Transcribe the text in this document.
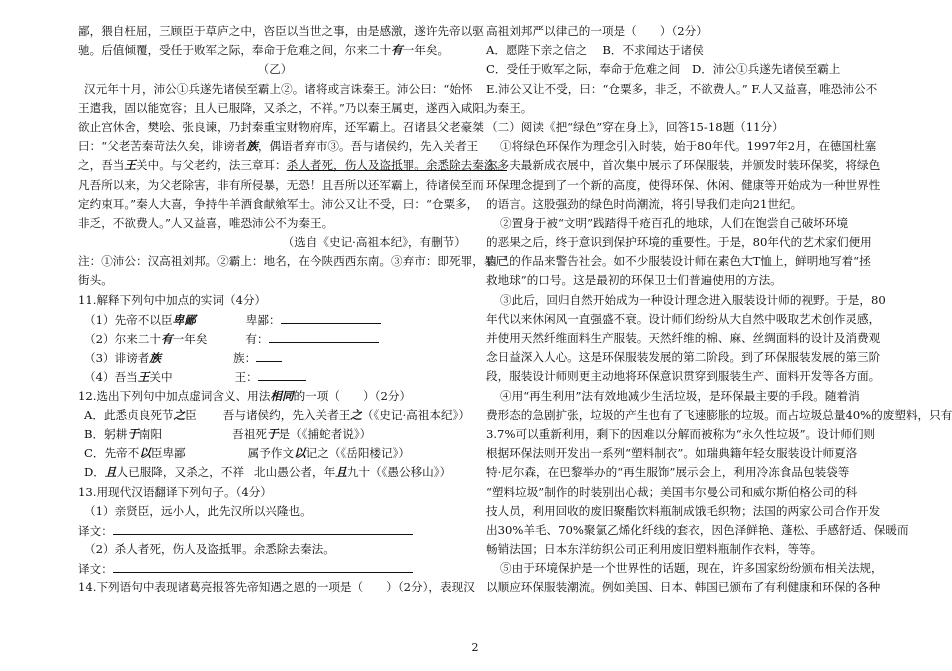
鄙，猥自枉屈，三顾臣于草庐之中，咨臣以当世之事，由是感激，遂许先帝以驱
驰。后值倾覆，受任于败军之际，奉命于危难之间，尔来二十有一年矣。
（乙）
汉元年十月，沛公①兵遂先诸侯至霸上②。诸将或言诛秦王。沛公曰：“始怀
王遣我，固以能宽容；且人已服降，又杀之，不祥。”乃以秦王属吏，遂西入咸阳。
欲止宫休舍，樊哙、张良谏，乃封秦重宝财物府库，还军霸上。召诸县父老豪桀
曰：“父老苦秦苛法久矣，诽谤者族，偶语者弃市③。吾与诸侯约，先入关者王
之，吾当王关中。与父老约，法三章耳：杀人者死，伤人及盗抵罪。余悉除去秦法。
凡吾所以来，为父老除害，非有所侵暴，无恐！且吾所以还军霸上，待诸侯至而
定约束耳。”秦人大喜，争持牛羊酒食献飨军士。沛公又让不受，曰：“仓粟多，
非乏，不欲费人。”人又益喜，唯恐沛公不为秦王。
（选自《史记·高祖本纪》，有删节）
注：①沛公：汉高祖刘邦。②霸上：地名，在今陕西西东南。③弃市：即死罪，暴尸
街头。
11.解释下列句中加点的实词（4分）
（1）先帝不以臣卑鄙	卑鄙：
（2）尔来二十有一年矣	有：
（3）诽谤者族	族：
（4）吾当王关中	王：
12.选出下列句中加点虚词含义、用法相同的一项（　　）（2分）
A．此悉贞良死节之臣 吾与诸侯约，先入关者王之（《史记·高祖本纪》）
B．躬耕于南阳	吾祖死于是（《捕蛇者说》）
C．先帝不以臣卑鄙	属予作文以记之（《岳阳楼记》）
D．且人已服降，又杀之，不祥 北山愚公者，年且九十（《愚公移山》）
13.用现代汉语翻译下列句子。（4分）
（1）亲贤臣，远小人，此先汉所以兴隆也。
译文：
（2）杀人者死，伤人及盗抵罪。余悉除去秦法。
译文：
14.下列语句中表现诸葛亮报答先帝知遇之恩的一项是（　　）（2分），表现汉
高祖刘邦严以律己的一项是（　　）（2分）
A．愿陛下亲之信之　 B．不求闻达于诸侯
C．受任于败军之际，奉命于危难之间　D．沛公①兵遂先诸侯至霸上
E.沛公又让不受，曰：“仓粟多，非乏，不欲费人。” F.人又益喜，唯恐沛公不
为秦王。
（二）阅读《把“绿色”穿在身上》，回答15-18题（11分）
①将绿色环保作为理念引入时装，始于80年代。1997年2月，在德国杜塞
尔多夫最新成衣展中，首次集中展示了环保服装，并颁发时装环保奖，将绿色
环保理念提到了一个新的高度，使得环保、休闲、健康等开始成为一种世界性
的语言。这股强劲的绿色时尚潮流，将引导我们走向21世纪。
②置身于被“文明”践踏得千疮百孔的地球，人们在饱尝自己破坏环境
的恶果之后，终于意识到保护环境的重要性。于是，80年代的艺术家们便用
自己的作品来警告社会。如不少服装设计师在素色大T恤上，鲜明地写着“拯
救地球”的口号。这是最初的环保卫士们普遍使用的方法。
③此后，回归自然开始成为一种设计理念进入服装设计师的视野。于是，80
年代以来休闲风一直强盛不衰。设计师们纷纷从大自然中吸取艺术创作灵感，
并使用天然纤维面料生产服装。天然纤维的棉、麻、丝绸面料的设计及消费观
念日益深入人心。这是环保服装发展的第二阶段。到了环保服装发展的第三阶
段，服装设计师则更主动地将环保意识贯穿到服装生产、面料开发等各方面。
④用“再生利用”法有效地减少生活垃圾，是环保最主要的手段。随着消
费形态的急剧扩张，垃圾的产生也有了飞速膨胀的垃圾。而占垃圾总量40%的废塑料，只有
3.7%可以重新利用，剩下的因难以分解而被称为“永久性垃圾”。设计师们则
根据环保法则开发出一系列“塑料制衣”。如瑞典籍年轻女服装设计师夏洛
特·尼尔森，在巴黎举办的“再生服饰”展示会上，利用冷冻食品包装袋等
“塑料垃圾”制作的时装别出心裁；美国韦尔曼公司和威尔斯伯格公司的科
技人员，利用回收的废旧聚酯饮料瓶制成饿毛织物；法国的两家公司合作开发
出30%羊毛、70%聚氯乙烯化纤线的套衣，因色泽鲜艳、蓬松、手感舒适、保暖而
畅销法国；日本东洋纺织公司正利用废旧塑料瓶制作衣料，等等。
⑤由于环境保护是一个世界性的话题，现在，许多国家纷纷颁布相关法规，
以顺应环保服装潮流。例如美国、日本、韩国已颁布了有利健康和环保的各种
2
